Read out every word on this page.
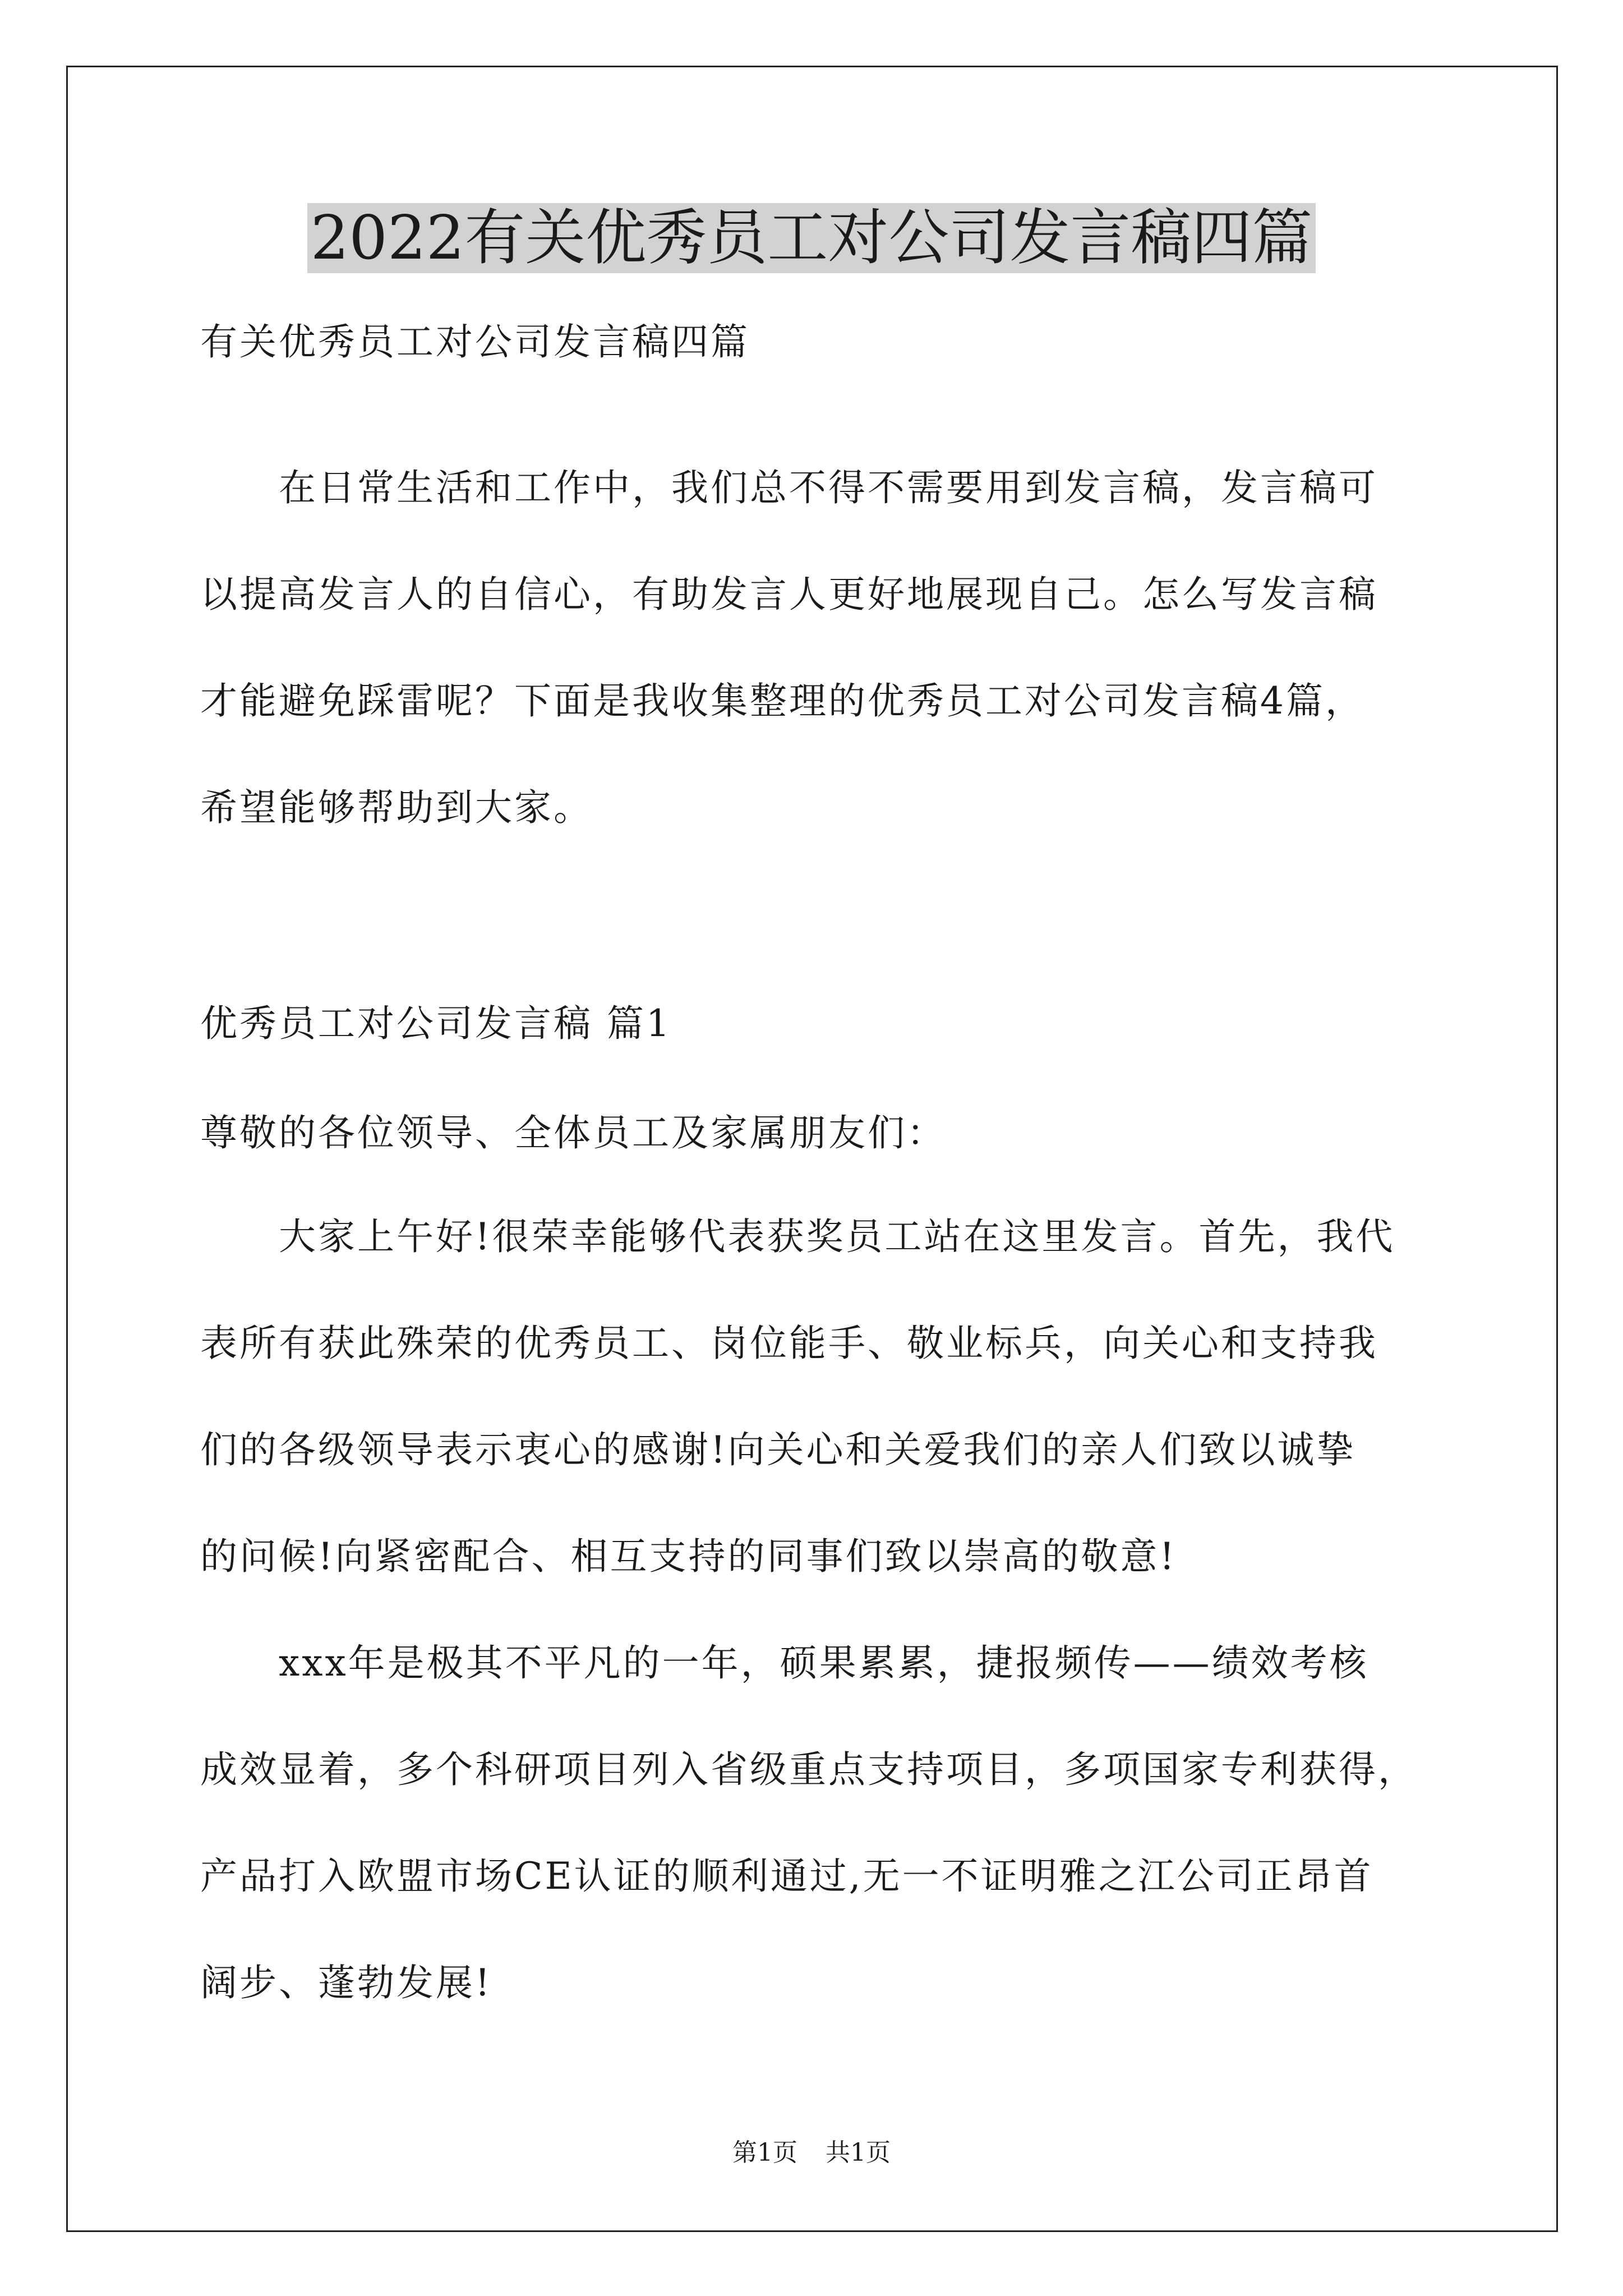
2022有关优秀员工对公司发言稿四篇
有关优秀员工对公司发言稿四篇
在日常生活和工作中，我们总不得不需要用到发言稿，发言稿可
以提高发言人的自信心，有助发言人更好地展现自己。怎么写发言稿
才能避免踩雷呢？下面是我收集整理的优秀员工对公司发言稿4篇，
希望能够帮助到大家。
优秀员工对公司发言稿 篇1
尊敬的各位领导、全体员工及家属朋友们：
大家上午好!很荣幸能够代表获奖员工站在这里发言。首先，我代
表所有获此殊荣的优秀员工、岗位能手、敬业标兵，向关心和支持我
们的各级领导表示衷心的感谢!向关心和关爱我们的亲人们致以诚挚
的问候!向紧密配合、相互支持的同事们致以崇高的敬意!
xxx年是极其不平凡的一年，硕果累累，捷报频传——绩效考核
成效显着，多个科研项目列入省级重点支持项目，多项国家专利获得，
产品打入欧盟市场CE认证的顺利通过,无一不证明雅之江公司正昂首
阔步、蓬勃发展!
第1页 共1页
